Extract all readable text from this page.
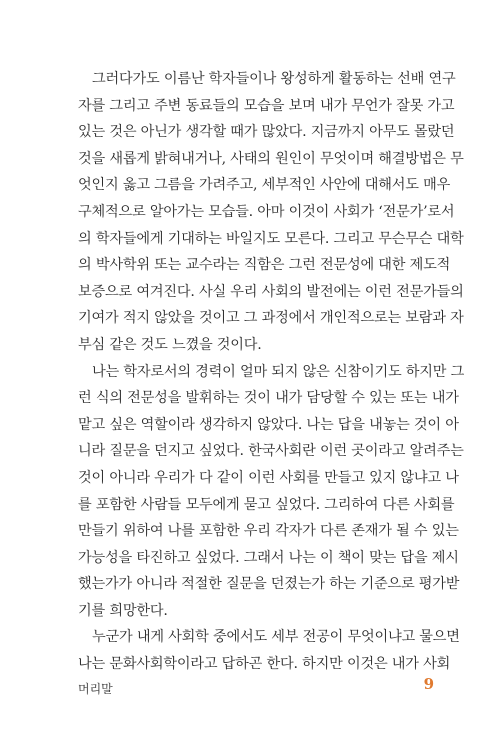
그러다가도 이름난 학자들이나 왕성하게 활동하는 선배 연구
자를 그리고 주변 동료들의 모습을 보며 내가 무언가 잘못 가고
있는 것은 아닌가 생각할 때가 많았다. 지금까지 아무도 몰랐던
것을 새롭게 밝혀내거나, 사태의 원인이 무엇이며 해결방법은 무
엇인지 옳고 그름을 가려주고, 세부적인 사안에 대해서도 매우
구체적으로 알아가는 모습들. 아마 이것이 사회가 ‘전문가’로서
의 학자들에게 기대하는 바일지도 모른다. 그리고 무슨무슨 대학
의 박사학위 또는 교수라는 직함은 그런 전문성에 대한 제도적
보증으로 여겨진다. 사실 우리 사회의 발전에는 이런 전문가들의
기여가 적지 않았을 것이고 그 과정에서 개인적으로는 보람과 자
부심 같은 것도 느꼈을 것이다.
나는 학자로서의 경력이 얼마 되지 않은 신참이기도 하지만 그
런 식의 전문성을 발휘하는 것이 내가 담당할 수 있는 또는 내가
맡고 싶은 역할이라 생각하지 않았다. 나는 답을 내놓는 것이 아
니라 질문을 던지고 싶었다. 한국사회란 이런 곳이라고 알려주는
것이 아니라 우리가 다 같이 이런 사회를 만들고 있지 않냐고 나
를 포함한 사람들 모두에게 묻고 싶었다. 그리하여 다른 사회를
만들기 위하여 나를 포함한 우리 각자가 다른 존재가 될 수 있는
가능성을 타진하고 싶었다. 그래서 나는 이 책이 맞는 답을 제시
했는가가 아니라 적절한 질문을 던졌는가 하는 기준으로 평가받
기를 희망한다.
누군가 내게 사회학 중에서도 세부 전공이 무엇이냐고 물으면
나는 문화사회학이라고 답하곤 한다. 하지만 이것은 내가 사회
머리말	9
